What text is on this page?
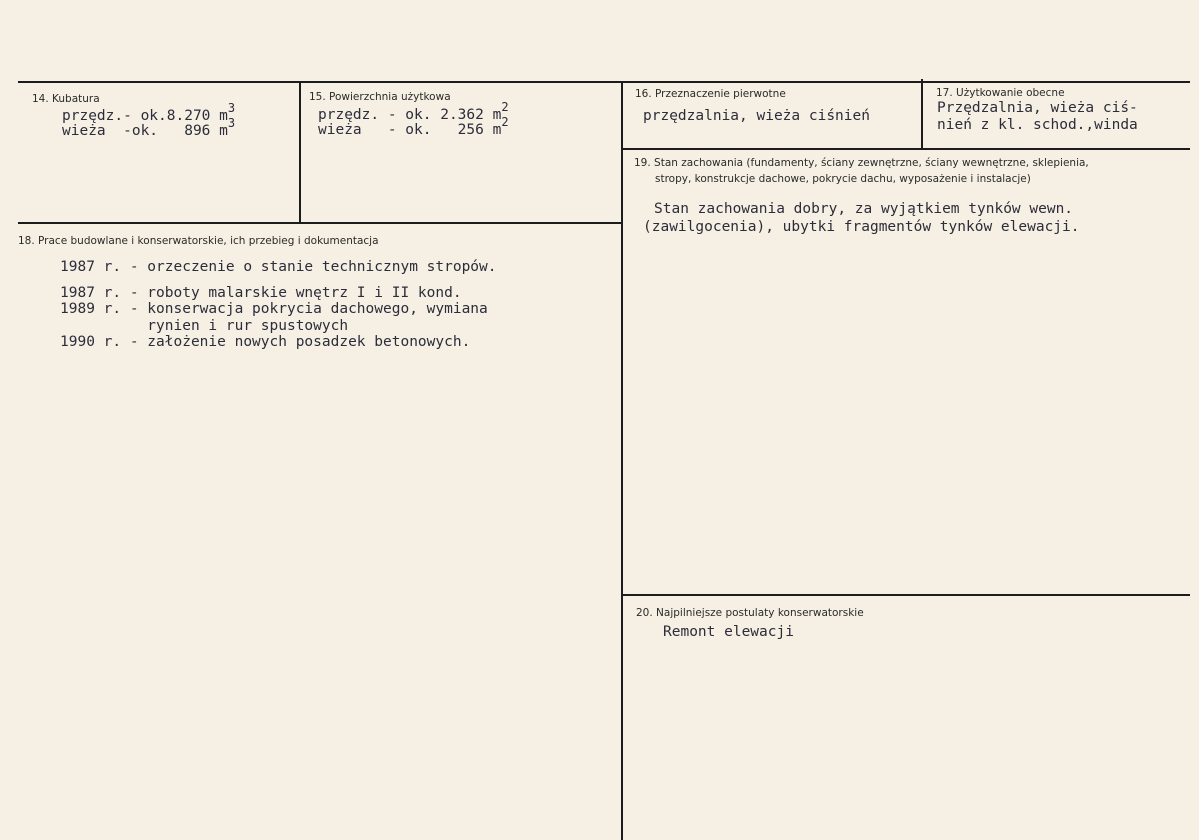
14. Kubatura
przędz.- ok.8.270 $m^3$
wieża  -ok.   896 $m^3$
15. Powierzchnia użytkowa
przędz. - ok. 2.362 $m^2$
wieża   - ok.   256 $m^2$
16. Przeznaczenie pierwotne
przędzalnia, wieża ciśnień
17. Użytkowanie obecne
Przędzalnia, wieża ciś-
nień z kl. schod.,winda
18. Prace budowlane i konserwatorskie, ich przebieg i dokumentacja
1987 r. - orzeczenie o stanie technicznym stropów.
1987 r. - roboty malarskie wnętrz I i II kond.
1989 r. - konserwacja pokrycia dachowego, wymiana
rynien i rur spustowych
1990 r. - założenie nowych posadzek betonowych.
19. Stan zachowania (fundamenty, ściany zewnętrzne, ściany wewnętrzne, sklepienia,
stropy, konstrukcje dachowe, pokrycie dachu, wyposażenie i instalacje)
Stan zachowania dobry, za wyjątkiem tynków wewn.
(zawilgocenia), ubytki fragmentów tynków elewacji.
20. Najpilniejsze postulaty konserwatorskie
Remont elewacji
